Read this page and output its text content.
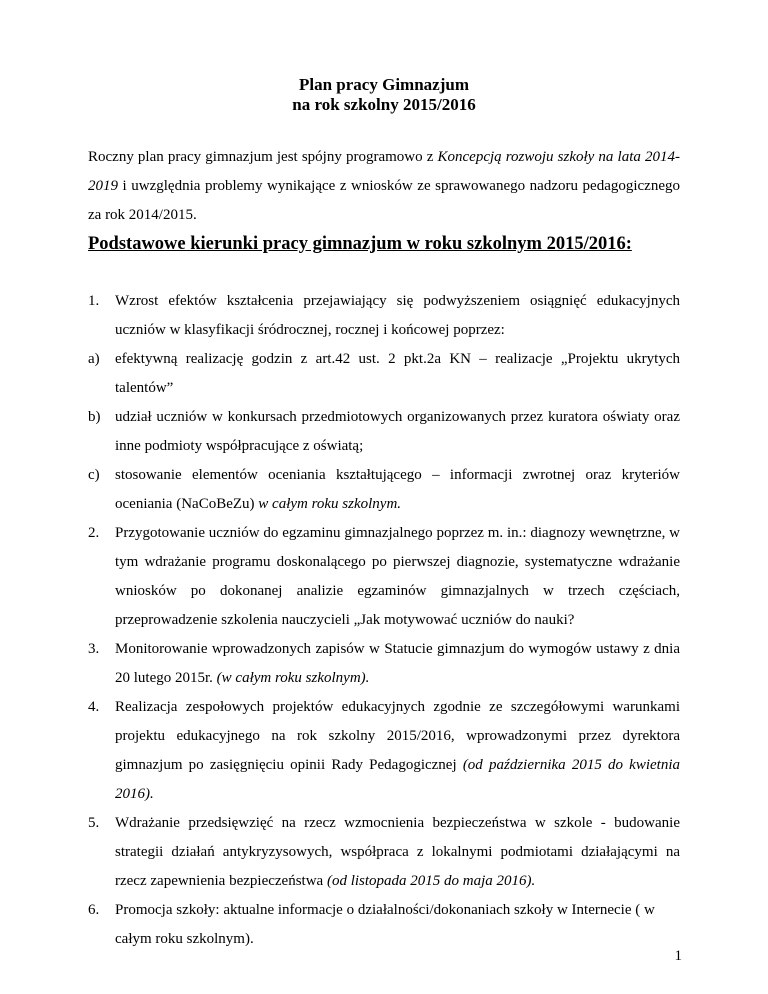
Plan pracy Gimnazjum
na rok szkolny 2015/2016
Roczny plan pracy gimnazjum jest spójny programowo z Koncepcją rozwoju szkoły na lata 2014-2019 i uwzględnia problemy wynikające z wniosków ze sprawowanego nadzoru pedagogicznego za rok 2014/2015.
Podstawowe kierunki pracy gimnazjum w roku szkolnym 2015/2016:
1.	Wzrost efektów kształcenia przejawiający się podwyższeniem osiągnięć edukacyjnych uczniów w klasyfikacji śródrocznej, rocznej i końcowej poprzez:
a)	efektywną realizację godzin z art.42 ust. 2 pkt.2a KN – realizacje „Projektu ukrytych talentów”
b) udział uczniów w konkursach przedmiotowych organizowanych przez kuratora oświaty oraz inne podmioty współpracujące z oświatą;
c)	stosowanie elementów oceniania kształtującego – informacji zwrotnej oraz kryteriów oceniania (NaCoBeZu) w całym roku szkolnym.
2.	Przygotowanie uczniów do egzaminu gimnazjalnego poprzez m. in.: diagnozy wewnętrzne, w tym wdrażanie programu doskonalącego po pierwszej diagnozie, systematyczne wdrażanie wniosków po dokonanej analizie egzaminów gimnazjalnych w trzech częściach, przeprowadzenie szkolenia nauczycieli „Jak motywować uczniów do nauki?
3.	Monitorowanie wprowadzonych zapisów w Statucie gimnazjum do wymogów ustawy z dnia 20 lutego 2015r. (w całym roku szkolnym).
4.	Realizacja zespołowych projektów edukacyjnych zgodnie ze szczegółowymi warunkami projektu edukacyjnego na rok szkolny 2015/2016, wprowadzonymi przez dyrektora gimnazjum po zasięgnięciu opinii Rady Pedagogicznej (od października 2015 do kwietnia 2016).
5.	Wdrażanie przedsięwzięć na rzecz wzmocnienia bezpieczeństwa w szkole - budowanie strategii działań antykryzysowych, współpraca z lokalnymi podmiotami działającymi na rzecz zapewnienia bezpieczeństwa (od listopada 2015 do maja 2016).
6.	Promocja szkoły: aktualne informacje o działalności/dokonaniach szkoły w Internecie ( w całym roku szkolnym).
1
